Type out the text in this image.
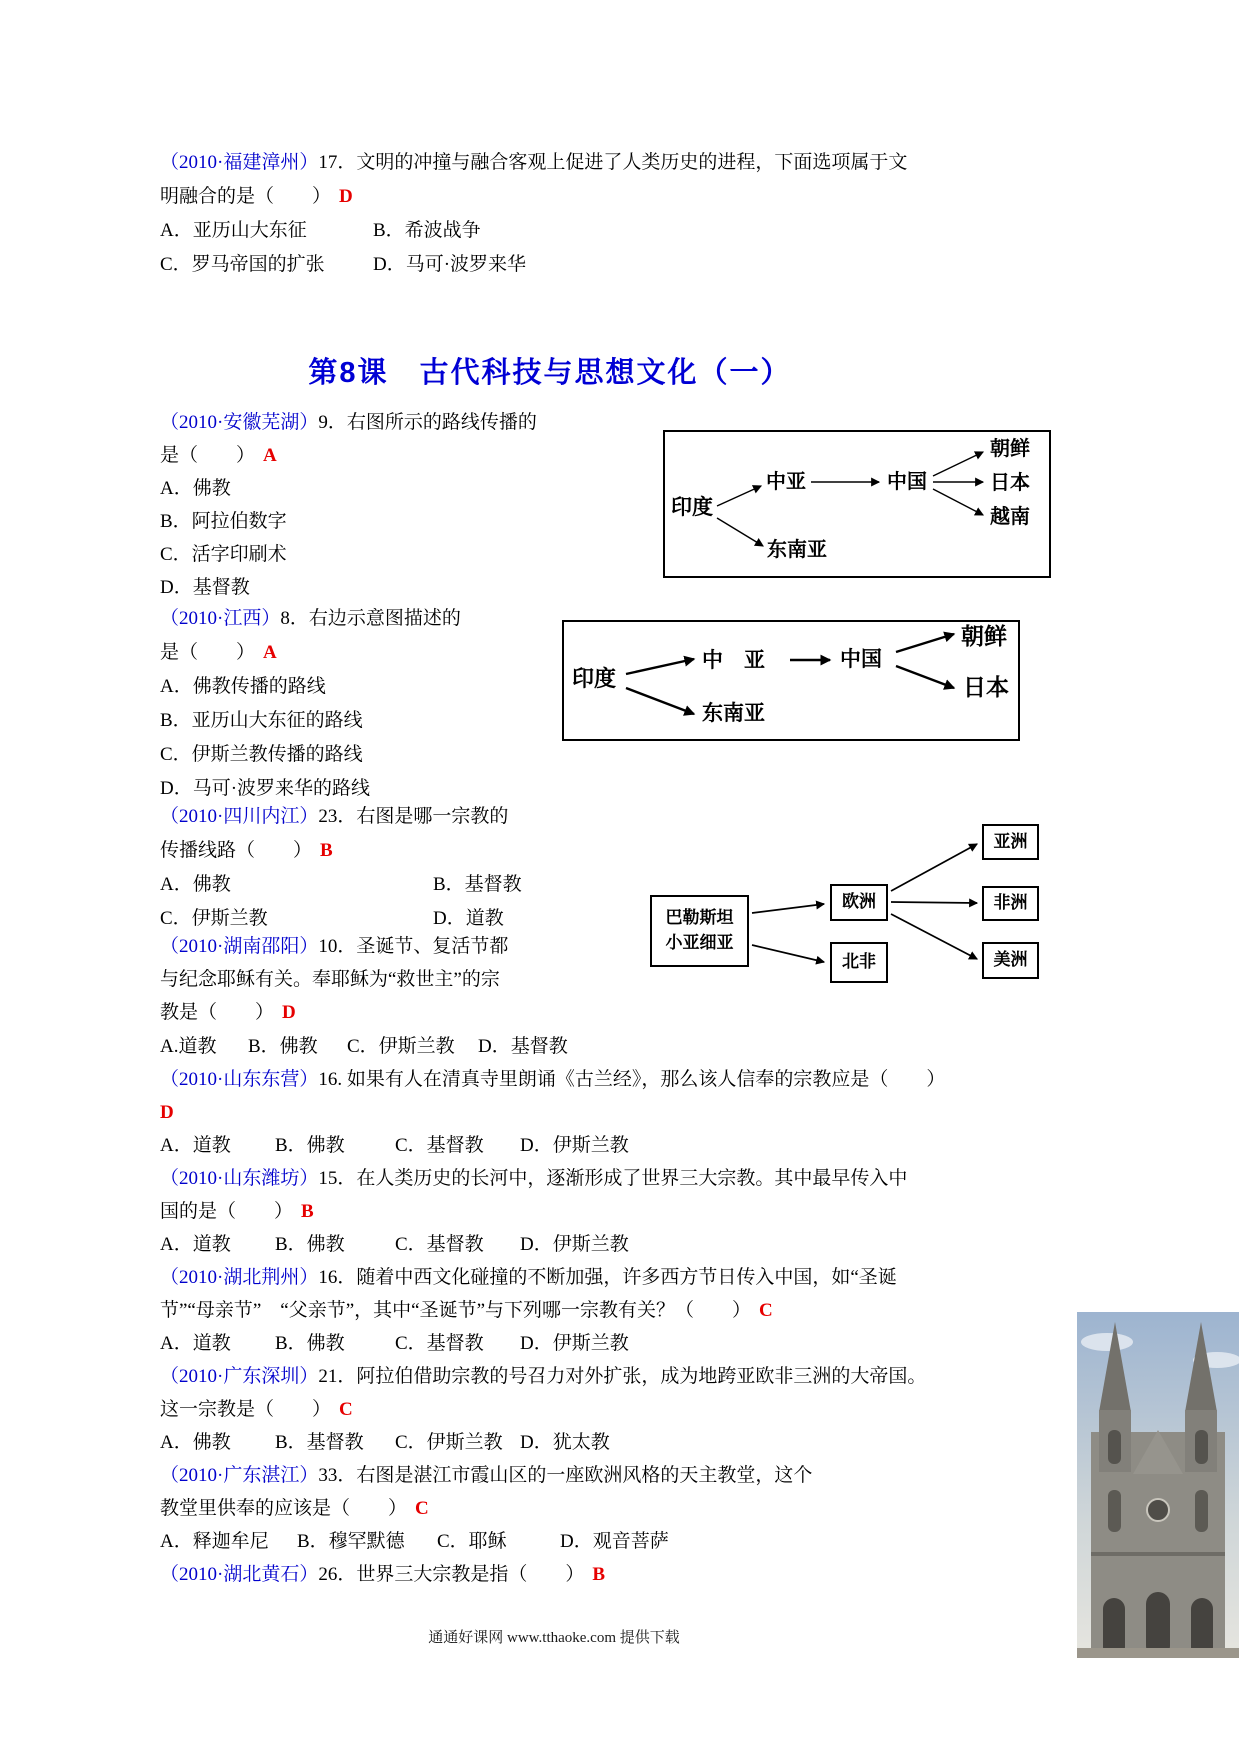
（2010·福建漳州）17．文明的冲撞与融合客观上促进了人类历史的进程，下面选项属于文
明融合的是（　　） D
A．亚历山大东征	B．希波战争
C．罗马帝国的扩张	D．马可·波罗来华
第8课　古代科技与思想文化（一）
（2010·安徽芜湖）9．右图所示的路线传播的
是（　　） A
A．佛教
B．阿拉伯数字
C．活字印刷术
D．基督教
印度
中亚	中国
朝鲜
日本
越南
东南亚
（2010·江西）8．右边示意图描述的
是（　　） A
A．佛教传播的路线
B．亚历山大东征的路线
C．伊斯兰教传播的路线
D．马可·波罗来华的路线
印度
中　亚	中国
朝鲜
日本
东南亚
（2010·四川内江）23．右图是哪一宗教的
传播线路（　　） B
A．佛教	B．基督教
C．伊斯兰教	D．道教	巴勒斯坦
小亚细亚
欧洲
北非
亚洲
非洲
美洲
（2010·湖南邵阳）10．圣诞节、复活节都
与纪念耶稣有关。奉耶稣为“救世主”的宗
教是（　　） D
A.道教 B．佛教 C．伊斯兰教 D．基督教
（2010·山东东营）16. 如果有人在清真寺里朗诵《古兰经》，那么该人信奉的宗教应是（　　）
D
A．道教 B．佛教	C．基督教 D．伊斯兰教
（2010·山东潍坊）15．在人类历史的长河中，逐渐形成了世界三大宗教。其中最早传入中
国的是（　　） B
A．道教 B．佛教	C．基督教 D．伊斯兰教
（2010·湖北荆州）16．随着中西文化碰撞的不断加强，许多西方节日传入中国，如“圣诞
节”“母亲节”　“父亲节”，其中“圣诞节”与下列哪一宗教有关？（　　） C
A．道教 B．佛教	C．基督教 D．伊斯兰教
（2010·广东深圳）21．阿拉伯借助宗教的号召力对外扩张，成为地跨亚欧非三洲的大帝国。
这一宗教是（　　） C
A．佛教 B．基督教 C．伊斯兰教 D．犹太教
（2010·广东湛江）33．右图是湛江市霞山区的一座欧洲风格的天主教堂，这个
教堂里供奉的应该是（　　） C
A．释迦牟尼 B．穆罕默德 C．耶稣	D．观音菩萨
（2010·湖北黄石）26．世界三大宗教是指（　　） B
通通好课网 www.tthaoke.com 提供下载
